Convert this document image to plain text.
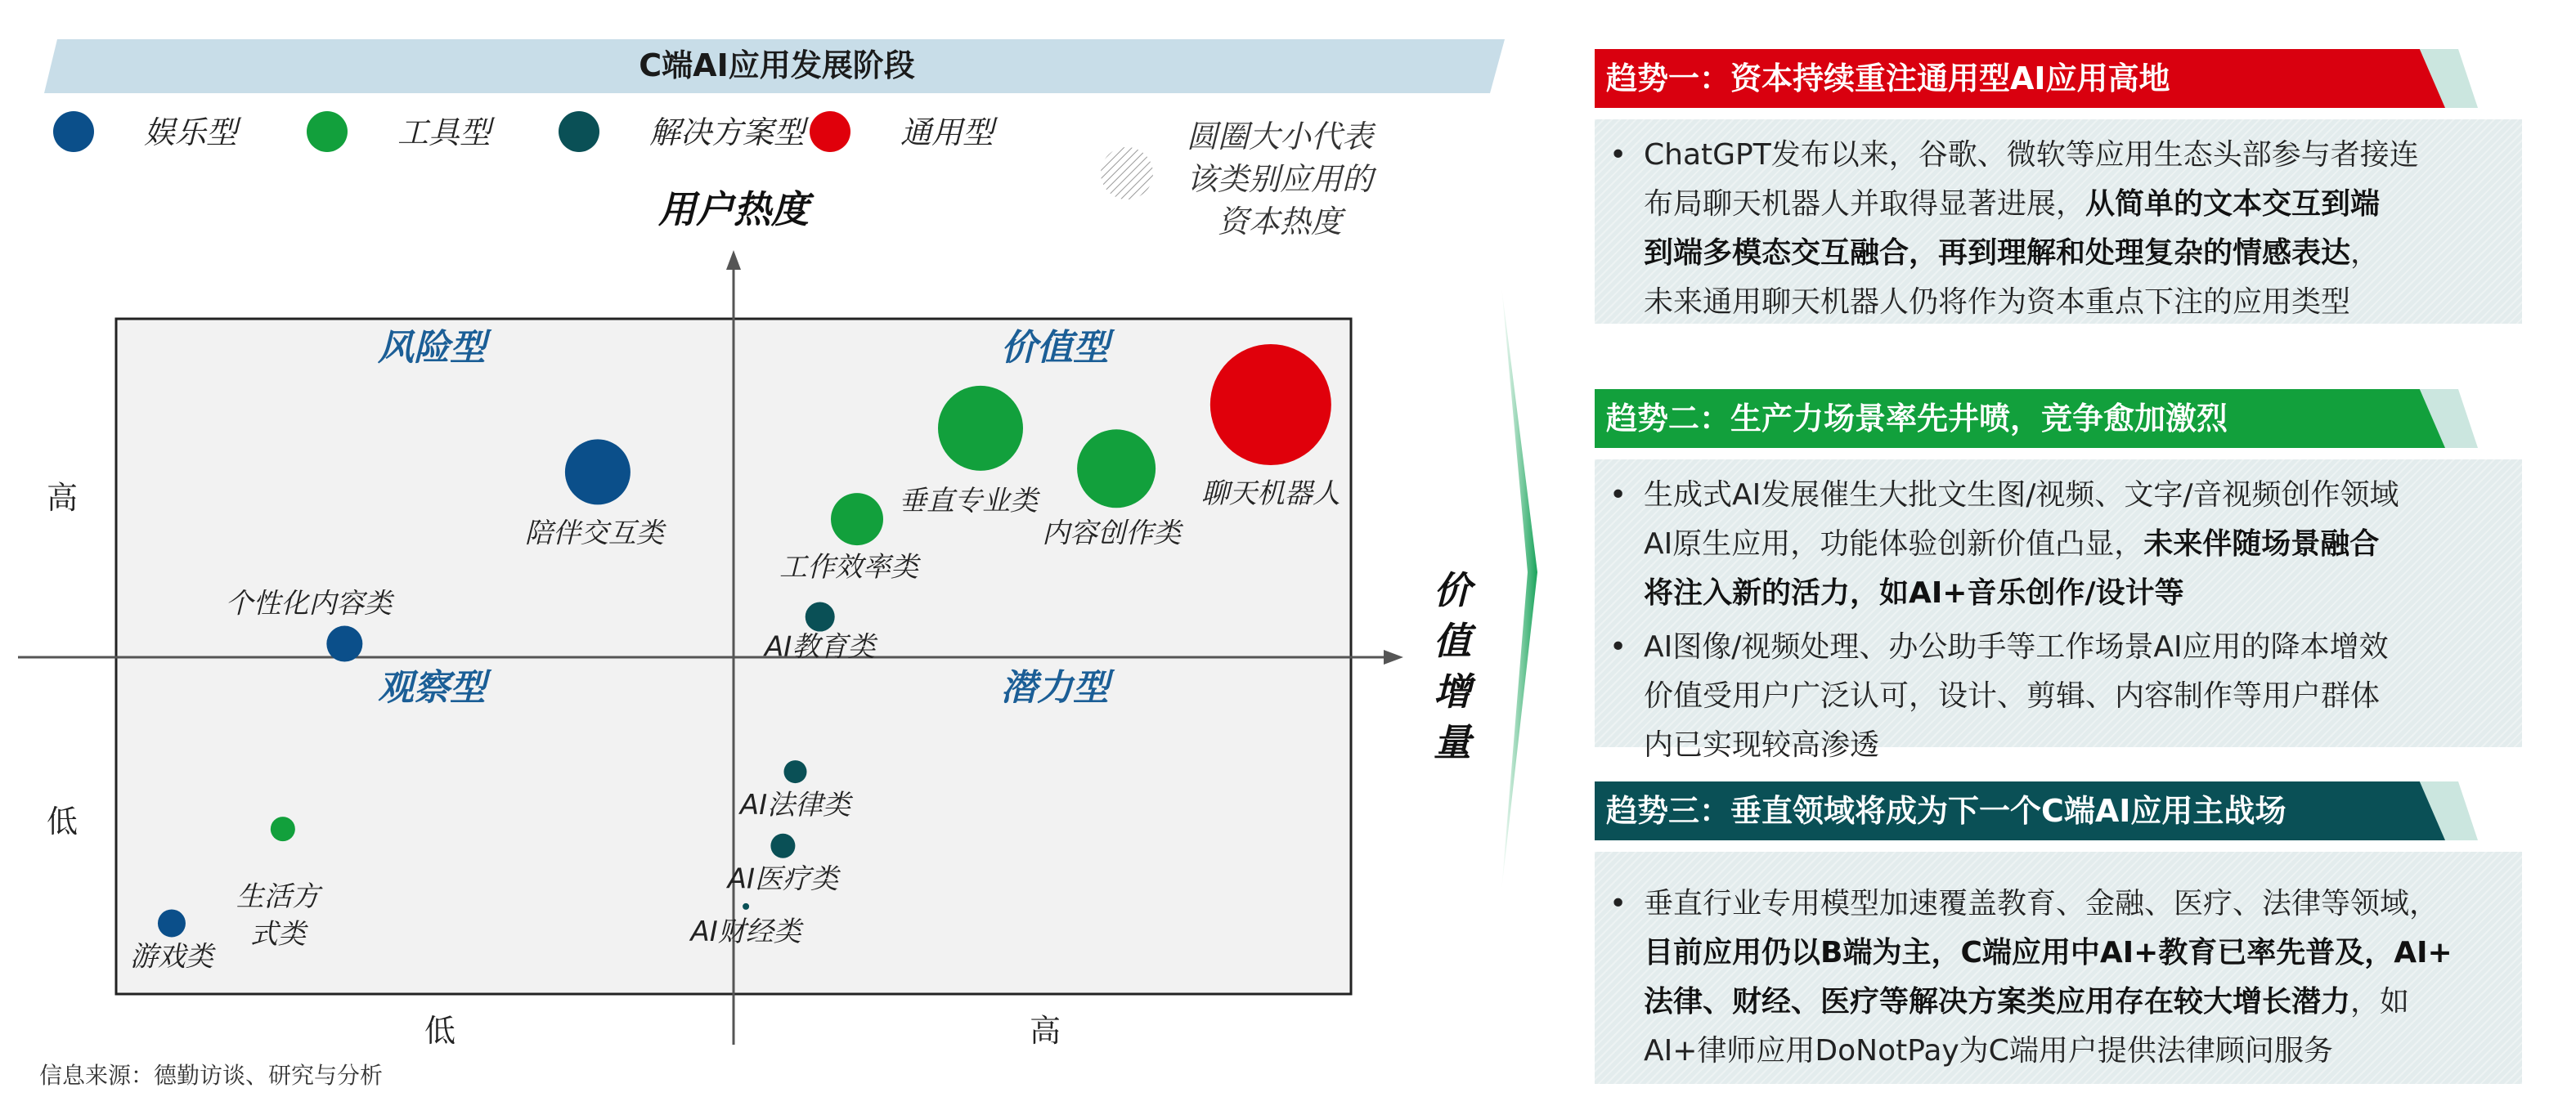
C端AI应用发展阶段
娱乐型	工具型	解决方案型	通用型	圆圈大小代表该类别应用的资本热度
用户热度
价值增量
高
低
低	高
风险型	价值型
观察型	潜力型
陪伴交互类
个性化内容类
游戏类
垂直专业类
内容创作类
工作效率类
生活方式类
AI教育类
AI法律类
AI医疗类
AI财经类
聊天机器人
信息来源：德勤访谈、研究与分析
趋势一：资本持续重注通用型AI应用高地
• ChatGPT发布以来，谷歌、微软等应用生态头部参与者接连
布局聊天机器人并取得显著进展，从简单的文本交互到端
到端多模态交互融合，再到理解和处理复杂的情感表达，
未来通用聊天机器人仍将作为资本重点下注的应用类型
趋势二：生产力场景率先井喷，竞争愈加激烈
• 生成式AI发展催生大批文生图/视频、文字/音视频创作领域
AI原生应用，功能体验创新价值凸显，未来伴随场景融合
将注入新的活力，如AI+音乐创作/设计等
• AI图像/视频处理、办公助手等工作场景AI应用的降本增效
价值受用户广泛认可，设计、剪辑、内容制作等用户群体
内已实现较高渗透
趋势三：垂直领域将成为下一个C端AI应用主战场
• 垂直行业专用模型加速覆盖教育、金融、医疗、法律等领域，
目前应用仍以B端为主，C端应用中AI+教育已率先普及，AI+
法律、财经、医疗等解决方案类应用存在较大增长潜力，如
AI+律师应用DoNotPay为C端用户提供法律顾问服务
